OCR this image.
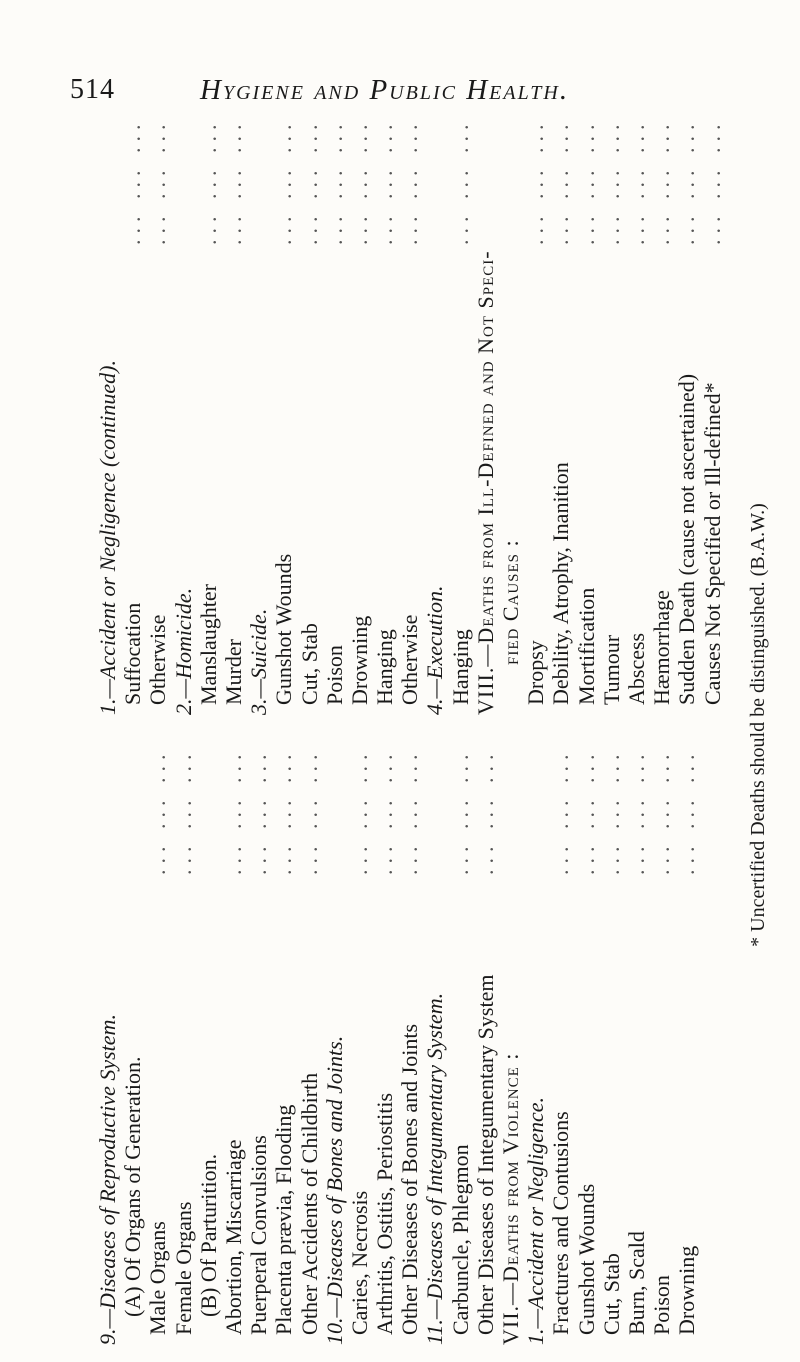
514	Hygiene and Public Health.
9.—Diseases of Reproductive System. (A) Of Organs of Generation. Male Organs
... ... ...
Female Organs
... ... ...
(B) Of Parturition. Abortion, Miscarriage
... ... ...
Puerperal Convulsions
... ... ...
Placenta prævia, Flooding
... ... ...
Other Accidents of Childbirth
... ... ...
10.—Diseases of Bones and Joints. Caries, Necrosis
... ... ...
Arthritis, Ostitis, Periostitis
... ... ...
Other Diseases of Bones and Joints
... ... ...
11.—Diseases of Integumentary System. Carbuncle, Phlegmon
... ... ...
Other Diseases of Integumentary System
... ... ...
VII.—Deaths from Violence : 1.—Accident or Negligence. Fractures and Contusions
... ... ...
Gunshot Wounds
... ... ...
Cut, Stab
... ... ...
Burn, Scald
... ... ...
Poison
... ... ...
Drowning
... ... ...
1.—Accident or Negligence (continued). Suffocation
... ... ...
Otherwise
... ... ...
2.—Homicide. Manslaughter
... ... ...
Murder
... ... ...
3.—Suicide. Gunshot Wounds
... ... ...
Cut, Stab
... ... ...
Poison
... ... ...
Drowning
... ... ...
Hanging
... ... ...
Otherwise
... ... ...
4.—Execution. Hanging
... ... ...
VIII.—Deaths from Ill-Defined and Not Speci- fied Causes :
Dropsy
... ... ...
Debility, Atrophy, Inanition
... ... ...
Mortification
... ... ...
Tumour
... ... ...
Abscess
... ... ...
Hæmorrhage
... ... ...
Sudden Death (cause not ascertained)
... ... ...
Causes Not Specified or Ill-defined*
... ... ...
* Uncertified Deaths should be distinguished. (B.A.W.)
